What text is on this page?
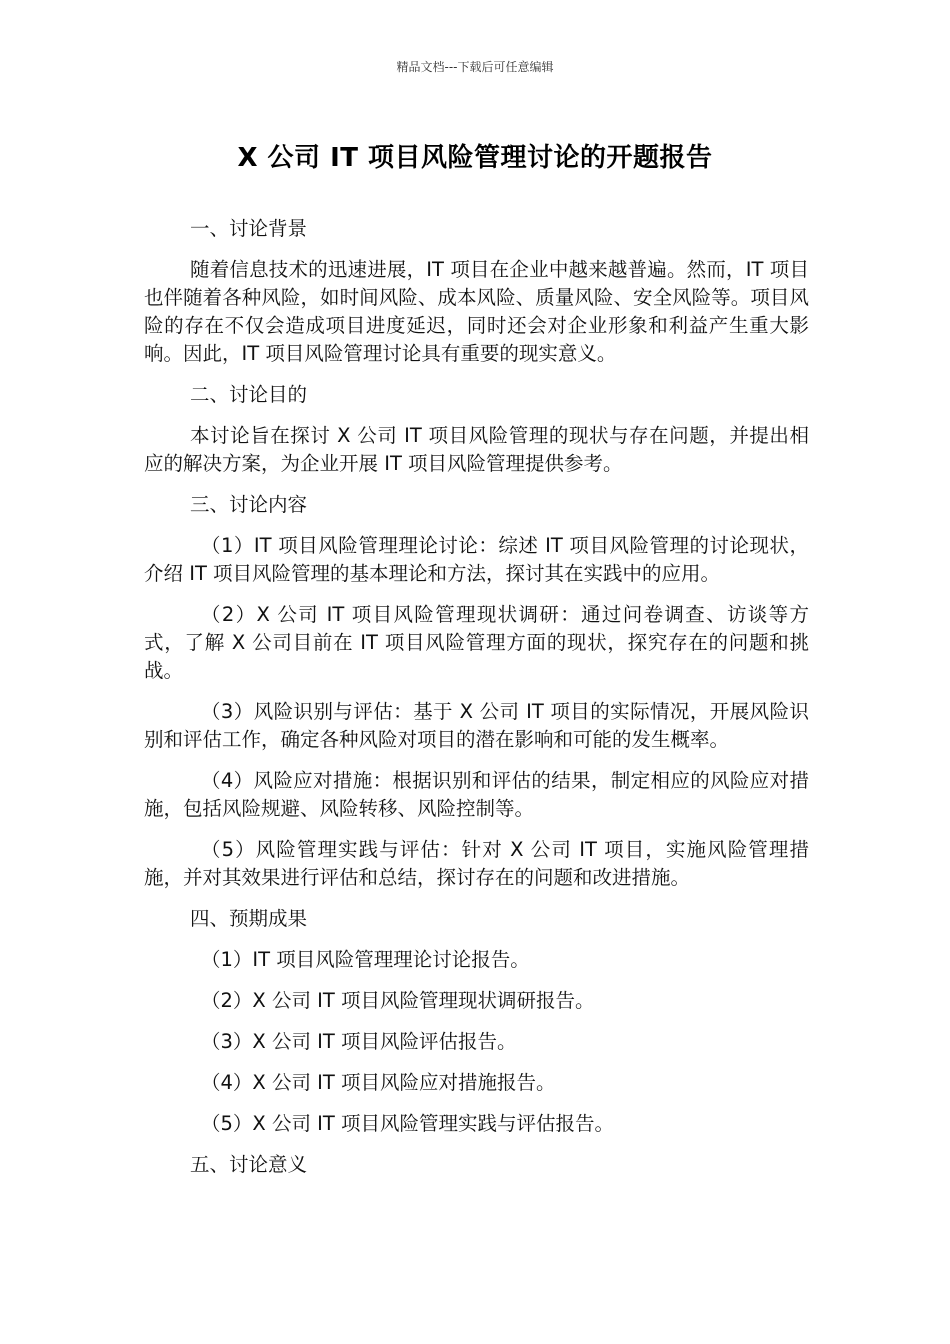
精品文档---下载后可任意编辑
X 公司 IT 项目风险管理讨论的开题报告
一、讨论背景

随着信息技术的迅速进展，IT 项目在企业中越来越普遍。然而，IT 项目也伴随着各种风险，如时间风险、成本风险、质量风险、安全风险等。项目风险的存在不仅会造成项目进度延迟，同时还会对企业形象和利益产生重大影响。因此，IT 项目风险管理讨论具有重要的现实意义。

二、讨论目的

本讨论旨在探讨 X 公司 IT 项目风险管理的现状与存在问题，并提出相应的解决方案，为企业开展 IT 项目风险管理提供参考。

三、讨论内容

（1）IT 项目风险管理理论讨论：综述 IT 项目风险管理的讨论现状，介绍 IT 项目风险管理的基本理论和方法，探讨其在实践中的应用。

（2）X 公司 IT 项目风险管理现状调研：通过问卷调查、访谈等方式，了解 X 公司目前在 IT 项目风险管理方面的现状，探究存在的问题和挑战。

（3）风险识别与评估：基于 X 公司 IT 项目的实际情况，开展风险识别和评估工作，确定各种风险对项目的潜在影响和可能的发生概率。

（4）风险应对措施：根据识别和评估的结果，制定相应的风险应对措施，包括风险规避、风险转移、风险控制等。

（5）风险管理实践与评估：针对 X 公司 IT 项目，实施风险管理措施，并对其效果进行评估和总结，探讨存在的问题和改进措施。

四、预期成果
（1）IT 项目风险管理理论讨论报告。
（2）X 公司 IT 项目风险管理现状调研报告。
（3）X 公司 IT 项目风险评估报告。
（4）X 公司 IT 项目风险应对措施报告。
（5）X 公司 IT 项目风险管理实践与评估报告。
五、讨论意义
